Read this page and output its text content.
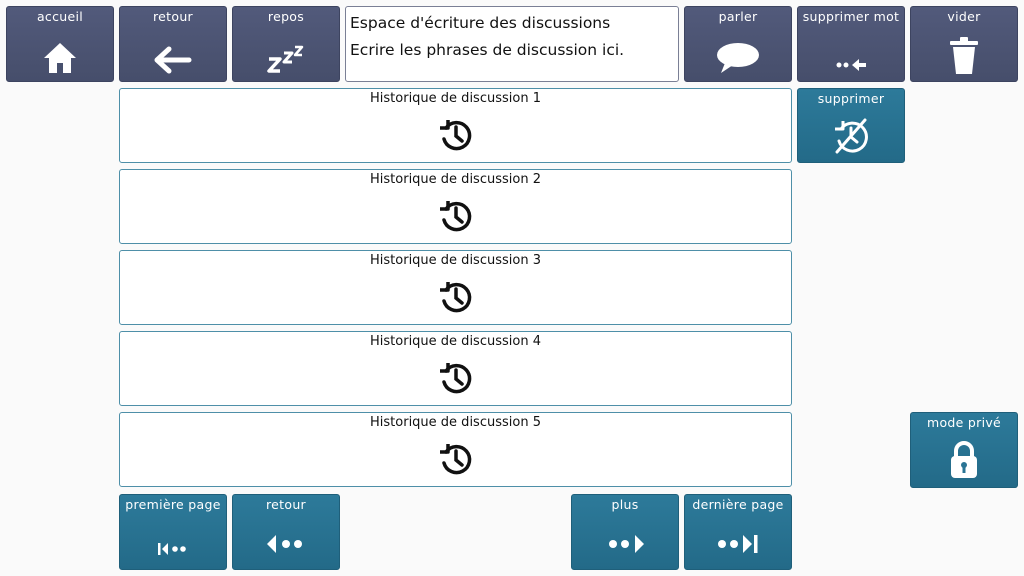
accueil	retour	repos	Espace d'écriture des discussions
Ecrire les phrases de discussion ici.
parler	supprimer mot	vider
Historique de discussion 1
Historique de discussion 2
Historique de discussion 3
Historique de discussion 4
Historique de discussion 5
supprimer
mode privé
première page	retour	plus	dernière page
